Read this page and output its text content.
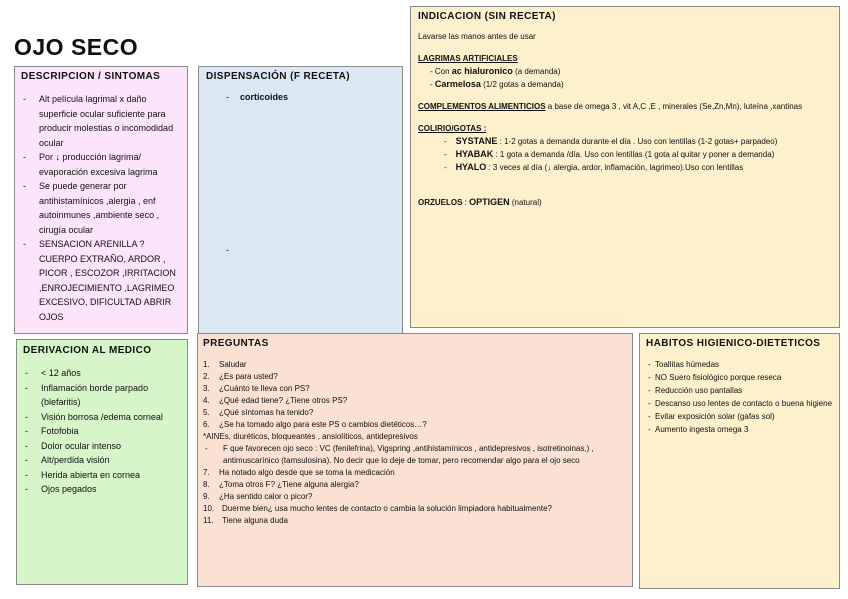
OJO SECO
DESCRIPCION / SINTOMAS
- Alt película lagrimal x daño superficie ocular suficiente para producir molestias o incomodidad ocular
- Por ↓ producción lagrima/ evaporación excesiva lagrima
- Se puede generar por antihistamínicos ,alergia , enf autoinmunes ,ambiente seco , cirugía ocular
- SENSACION ARENILLA ?CUERPO EXTRAÑO, ARDOR , PICOR , ESCOZOR ,IRRITACION ,ENROJECIMIENTO ,LAGRIMEO EXCESIVO, DIFICULTAD ABRIR OJOS
DISPENSACIÓN (F RECETA)
- corticoides
-
INDICACION (SIN RECETA)
Lavarse las manos antes de usar
LAGRIMAS ARTIFICIALES
- Con ac hialuronico (a demanda)
- Carmelosa (1/2 gotas a demanda)
COMPLEMENTOS ALIMENTICIOS a base de omega 3 , vit A,C ,E , minerales (Se,Zn,Mn), luteína ,xantinas
COLIRIO/GOTAS :
-    SYSTANE : 1-2 gotas a demanda durante el día . Uso con lentillas (1-2 gotas+ parpadeo)
-    HYABAK : 1 gota a demanda /día. Uso con lentillas (1 gota al quitar y poner a demanda)
-    HYALO : 3 veces al día (↓ alergia, ardor, inflamación, lagrimeo).Uso con lentillas
ORZUELOS : OPTIGEN (natural)
DERIVACION AL MEDICO
- < 12 años
- Inflamación borde parpado (blefaritis)
- Visión borrosa /edema corneal
- Fotofobia
- Dolor ocular intenso
- Alt/perdida visión
- Herida abierta en cornea
- Ojos pegados
PREGUNTAS
1. Saludar
2. ¿Es para usted?
3. ¿Cuánto te lleva con PS?
4. ¿Qué edad tiene? ¿Tiene otros PS?
5. ¿Qué síntomas ha tenido?
6. ¿Se ha tomado algo para este PS o cambios dietéticos…?
*AINEs, diuréticos, bloqueantes , ansiolíticos, antidepresivos
- F que favorecen ojo seco : VC (fenilefrina), Vigspring ,antihistamínicos , antidepresivos , isotretinoinas,) , antimuscarínico (tamsulosina). No decir que lo deje de tomar, pero recomendar algo para el ojo seco
7. Ha notado algo desde que se toma la medicación
8. ¿Toma otros F? ¿Tiene alguna alergia?
9. ¿Ha sentido calor o picor?
10. Duerme bien¿ usa mucho lentes de contacto o cambia la solución limpiadora habitualmente?
11. Tiene alguna duda
HABITOS HIGIENICO-DIETETICOS
- Toallitas húmedas
- NO Suero fisiológico porque reseca
- Reducción uso pantallas
- Descanso uso lentes de contacto o buena higiene
- Evitar exposición solar (gafas sol)
- Aumento ingesta omega 3
